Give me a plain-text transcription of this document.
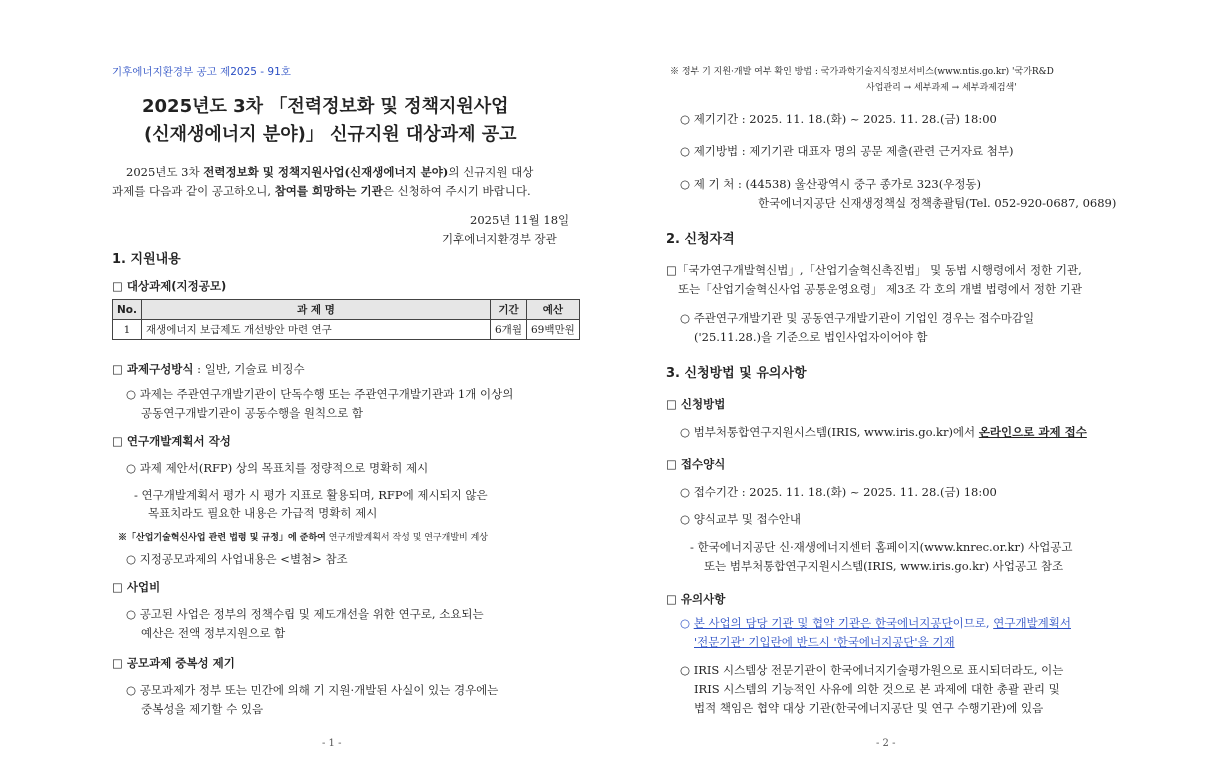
기후에너지환경부 공고 제2025 - 91호
2025년도 3차 「전력정보화 및 정책지원사업
(신재생에너지 분야)」 신규지원 대상과제 공고
2025년도 3차 전력정보화 및 정책지원사업(신재생에너지 분야)의 신규지원 대상
과제를 다음과 같이 공고하오니, 참여를 희망하는 기관은 신청하여 주시기 바랍니다.
2025년 11월 18일
기후에너지환경부 장관
1. 지원내용
□ 대상과제(지정공모)
No.	과 제 명	기간	예산
1	재생에너지 보급제도 개선방안 마련 연구	6개월	69백만원
□ 과제구성방식 : 일반, 기술료 비징수
○ 과제는 주관연구개발기관이 단독수행 또는 주관연구개발기관과 1개 이상의
공동연구개발기관이 공동수행을 원칙으로 함
□ 연구개발계획서 작성
○ 과제 제안서(RFP) 상의 목표치를 정량적으로 명확히 제시
- 연구개발계획서 평가 시 평가 지표로 활용되며, RFP에 제시되지 않은
목표치라도 필요한 내용은 가급적 명확히 제시
※「산업기술혁신사업 관련 법령 및 규정」에 준하여 연구개발계획서 작성 및 연구개발비 계상
○ 지정공모과제의 사업내용은 <별첨> 참조
□ 사업비
○ 공고된 사업은 정부의 정책수립 및 제도개선을 위한 연구로, 소요되는
예산은 전액 정부지원으로 함
□ 공모과제 중복성 제기
○ 공모과제가 정부 또는 민간에 의해 기 지원·개발된 사실이 있는 경우에는
중복성을 제기할 수 있음
- 1 -
※ 정부 기 지원·개발 여부 확인 방법 : 국가과학기술지식정보서비스(www.ntis.go.kr) '국가R&D
사업관리 → 세부과제 → 세부과제검색'
○ 제기기간 : 2025. 11. 18.(화) ~ 2025. 11. 28.(금) 18:00
○ 제기방법 : 제기기관 대표자 명의 공문 제출(관련 근거자료 첨부)
○ 제 기 처 : (44538) 울산광역시 중구 종가로 323(우정동)
한국에너지공단 신재생정책실 정책총괄팀(Tel. 052-920-0687, 0689)
2. 신청자격
□「국가연구개발혁신법」,「산업기술혁신촉진법」 및 동법 시행령에서 정한 기관,
또는「산업기술혁신사업 공통운영요령」 제3조 각 호의 개별 법령에서 정한 기관
○ 주관연구개발기관 및 공동연구개발기관이 기업인 경우는 접수마감일
('25.11.28.)을 기준으로 법인사업자이어야 함
3. 신청방법 및 유의사항
□ 신청방법
○ 범부처통합연구지원시스템(IRIS, www.iris.go.kr)에서 온라인으로 과제 접수
□ 접수양식
○ 접수기간 : 2025. 11. 18.(화) ~ 2025. 11. 28.(금) 18:00
○ 양식교부 및 접수안내
- 한국에너지공단 신·재생에너지센터 홈페이지(www.knrec.or.kr) 사업공고
또는 범부처통합연구지원시스템(IRIS, www.iris.go.kr) 사업공고 참조
□ 유의사항
○ 본 사업의 담당 기관 및 협약 기관은 한국에너지공단이므로, 연구개발계획서
'전문기관' 기입란에 반드시 '한국에너지공단'을 기재
○ IRIS 시스템상 전문기관이 한국에너지기술평가원으로 표시되더라도, 이는
IRIS 시스템의 기능적인 사유에 의한 것으로 본 과제에 대한 총괄 관리 및
법적 책임은 협약 대상 기관(한국에너지공단 및 연구 수행기관)에 있음
- 2 -
